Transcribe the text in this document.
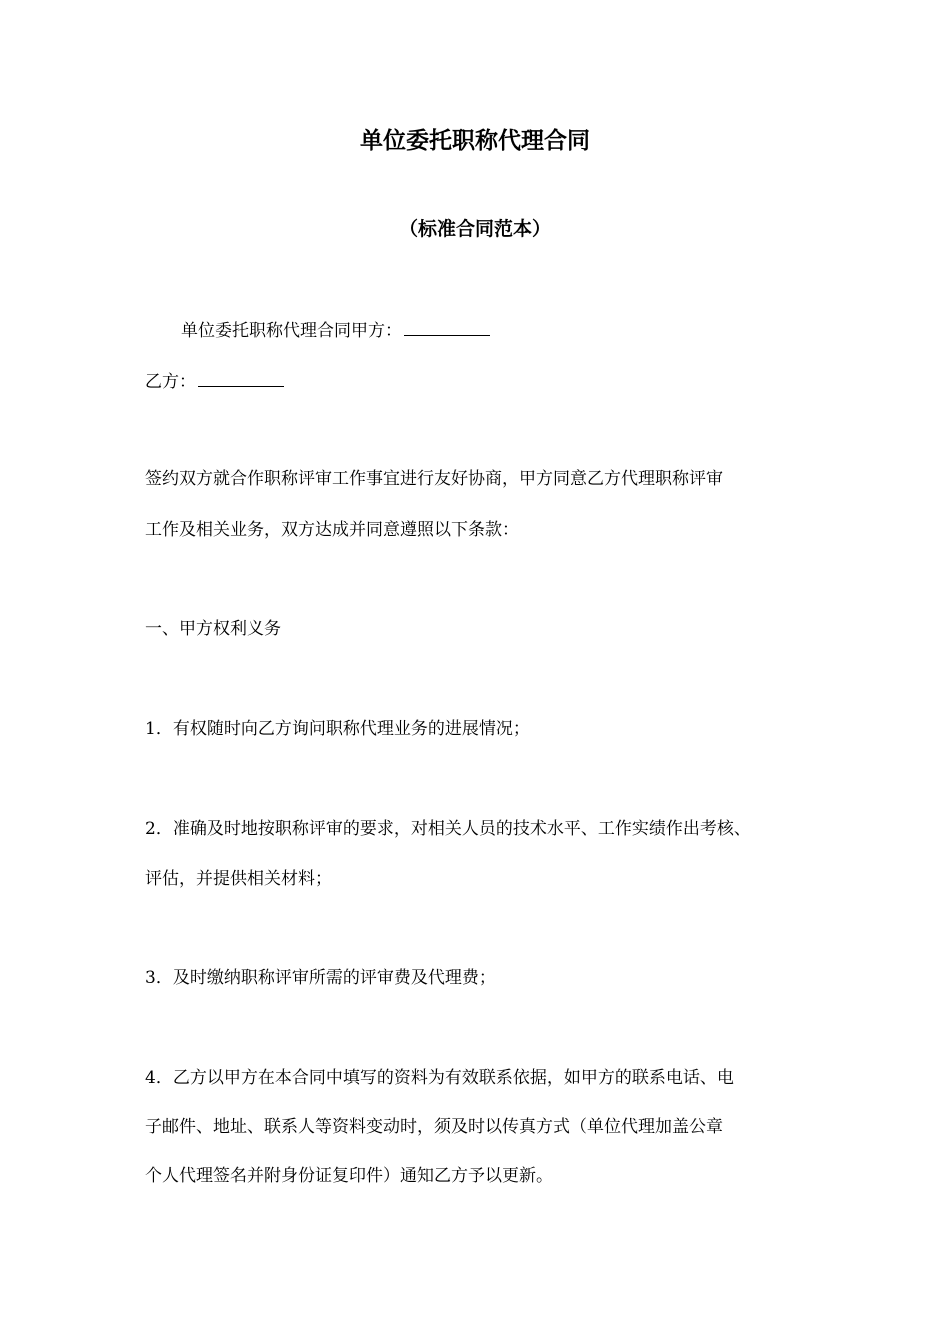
单位委托职称代理合同
（标准合同范本）
单位委托职称代理合同甲方：
乙方：
签约双方就合作职称评审工作事宜进行友好协商，甲方同意乙方代理职称评审
工作及相关业务，双方达成并同意遵照以下条款：
一、甲方权利义务
1．有权随时向乙方询问职称代理业务的进展情况；
2．准确及时地按职称评审的要求，对相关人员的技术水平、工作实绩作出考核、
评估，并提供相关材料；
3．及时缴纳职称评审所需的评审费及代理费；
4．乙方以甲方在本合同中填写的资料为有效联系依据，如甲方的联系电话、电
子邮件、地址、联系人等资料变动时，须及时以传真方式（单位代理加盖公章
个人代理签名并附身份证复印件）通知乙方予以更新。
